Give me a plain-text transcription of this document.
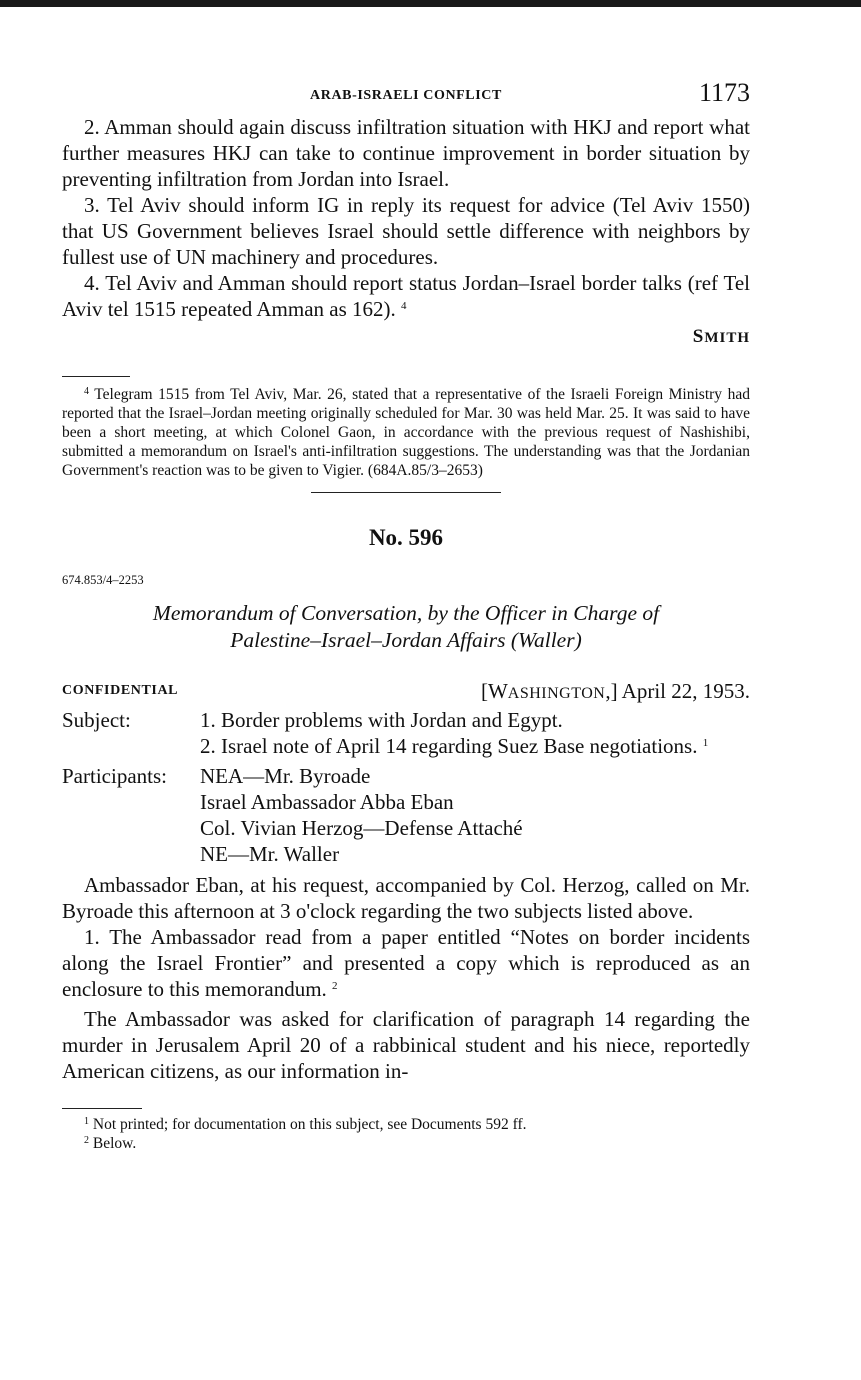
ARAB-ISRAELI CONFLICT	1173

2. Amman should again discuss infiltration situation with HKJ and report what further measures HKJ can take to continue improvement in border situation by preventing infiltration from Jordan into Israel.

3. Tel Aviv should inform IG in reply its request for advice (Tel Aviv 1550) that US Government believes Israel should settle difference with neighbors by fullest use of UN machinery and procedures.

4. Tel Aviv and Amman should report status Jordan–Israel border talks (ref Tel Aviv tel 1515 repeated Amman as 162). $^4$

SMITH

$^4$ Telegram 1515 from Tel Aviv, Mar. 26, stated that a representative of the Israeli Foreign Ministry had reported that the Israel–Jordan meeting originally scheduled for Mar. 30 was held Mar. 25. It was said to have been a short meeting, at which Colonel Gaon, in accordance with the previous request of Nashishibi, submitted a memorandum on Israel's anti-infiltration suggestions. The understanding was that the Jordanian Government's reaction was to be given to Vigier. (684A.85/3–2653)

No. 596
674.853/4–2253
Memorandum of Conversation, by the Officer in Charge of
Palestine–Israel–Jordan Affairs (Waller)
CONFIDENTIAL	[WASHINGTON,] April 22, 1953.
Subject:	1. Border problems with Jordan and Egypt.
2. Israel note of April 14 regarding Suez Base negotiations. $^1$
Participants:	NEA—Mr. Byroade
Israel Ambassador Abba Eban
Col. Vivian Herzog—Defense Attaché
NE—Mr. Waller

Ambassador Eban, at his request, accompanied by Col. Herzog, called on Mr. Byroade this afternoon at 3 o'clock regarding the two subjects listed above.

1. The Ambassador read from a paper entitled “Notes on border incidents along the Israel Frontier” and presented a copy which is reproduced as an enclosure to this memorandum. $^2$

The Ambassador was asked for clarification of paragraph 14 regarding the murder in Jerusalem April 20 of a rabbinical student and his niece, reportedly American citizens, as our information in-

$^1$ Not printed; for documentation on this subject, see Documents 592 ff.

$^2$ Below.
